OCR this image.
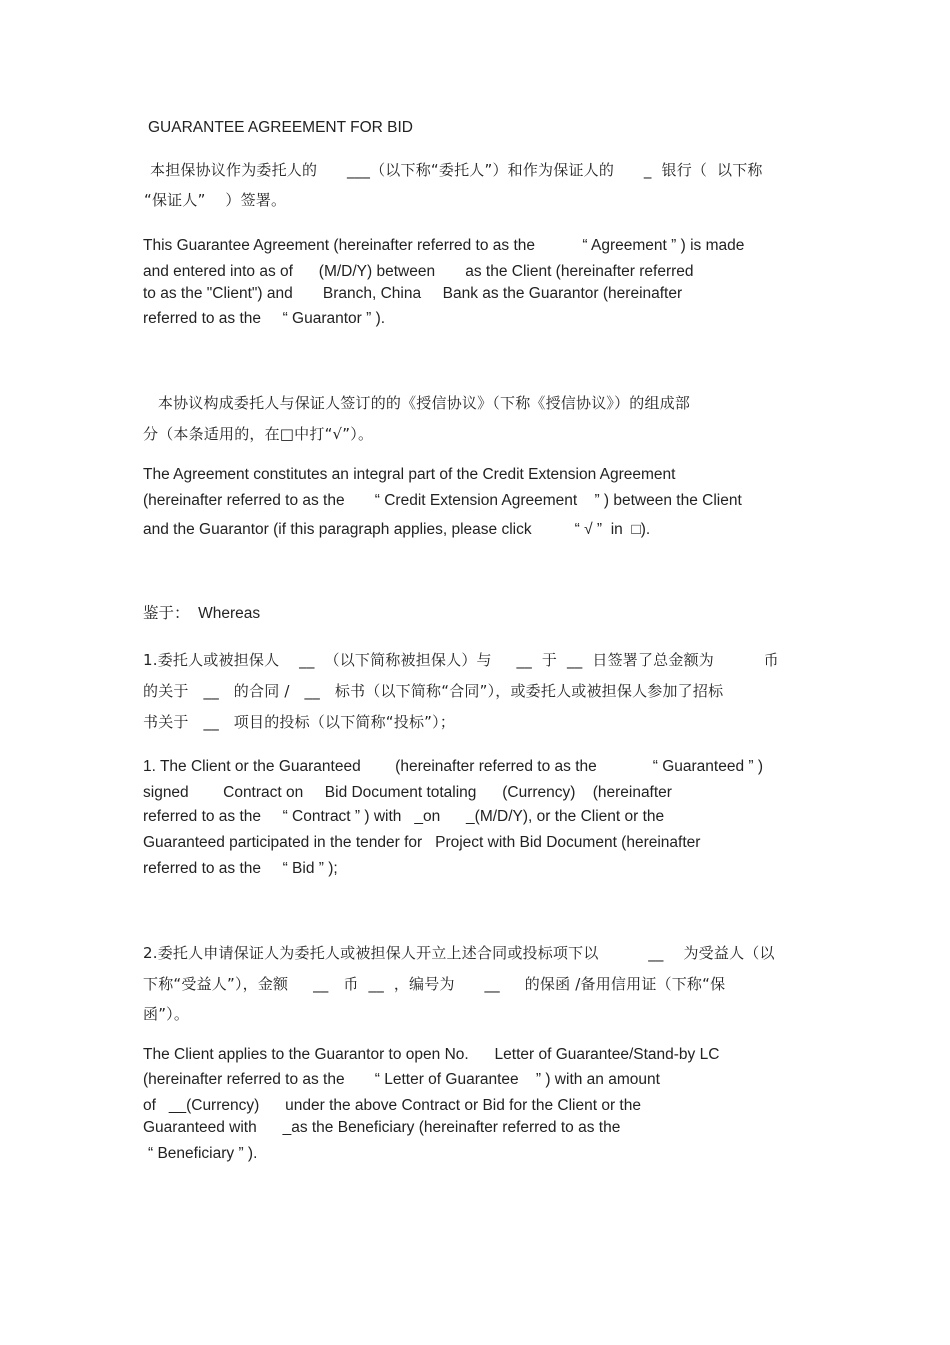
GUARANTEE AGREEMENT FOR BID
本担保协议作为委托人的      ___（以下称“委托人”）和作为保证人的      _  银行（  以下称
“保证人”    ）签署。
This Guarantee Agreement (hereinafter referred to as the           “ Agreement ” ) is made
and entered into as of      (M/D/Y) between       as the Client (hereinafter referred
to as the "Client") and       Branch, China     Bank as the Guarantor (hereinafter
referred to as the     “ Guarantor ” ).
本协议构成委托人与保证人签订的的《授信协议》（下称《授信协议》）的组成部
分（本条适用的，在□中打“√”）。
The Agreement constitutes an integral part of the Credit Extension Agreement
(hereinafter referred to as the       “ Credit Extension Agreement    ” ) between the Client
and the Guarantor (if this paragraph applies, please click          “ √ ”  in  □).
鉴于：  Whereas
1.委托人或被担保人    __  （以下简称被担保人）与     __  于  __  日签署了总金额为          币
的关于   __   的合同 /   __   标书（以下简称“合同”），或委托人或被担保人参加了招标
书关于   __   项目的投标（以下简称“投标”）；
1. The Client or the Guaranteed        (hereinafter referred to as the             “ Guaranteed ” )
signed        Contract on     Bid Document totaling      (Currency)    (hereinafter
referred to as the     “ Contract ” ) with   _on      _(M/D/Y), or the Client or the
Guaranteed participated in the tender for   Project with Bid Document (hereinafter
referred to as the     “ Bid ” );
2.委托人申请保证人为委托人或被担保人开立上述合同或投标项下以          __    为受益人（以
下称“受益人”），金额     __   币  __  ，编号为      __     的保函 /备用信用证（下称“保
函”）。
The Client applies to the Guarantor to open No.      Letter of Guarantee/Stand-by LC
(hereinafter referred to as the       “ Letter of Guarantee    ” ) with an amount
of   __(Currency)      under the above Contract or Bid for the Client or the
Guaranteed with      _as the Beneficiary (hereinafter referred to as the
“ Beneficiary ” ).
